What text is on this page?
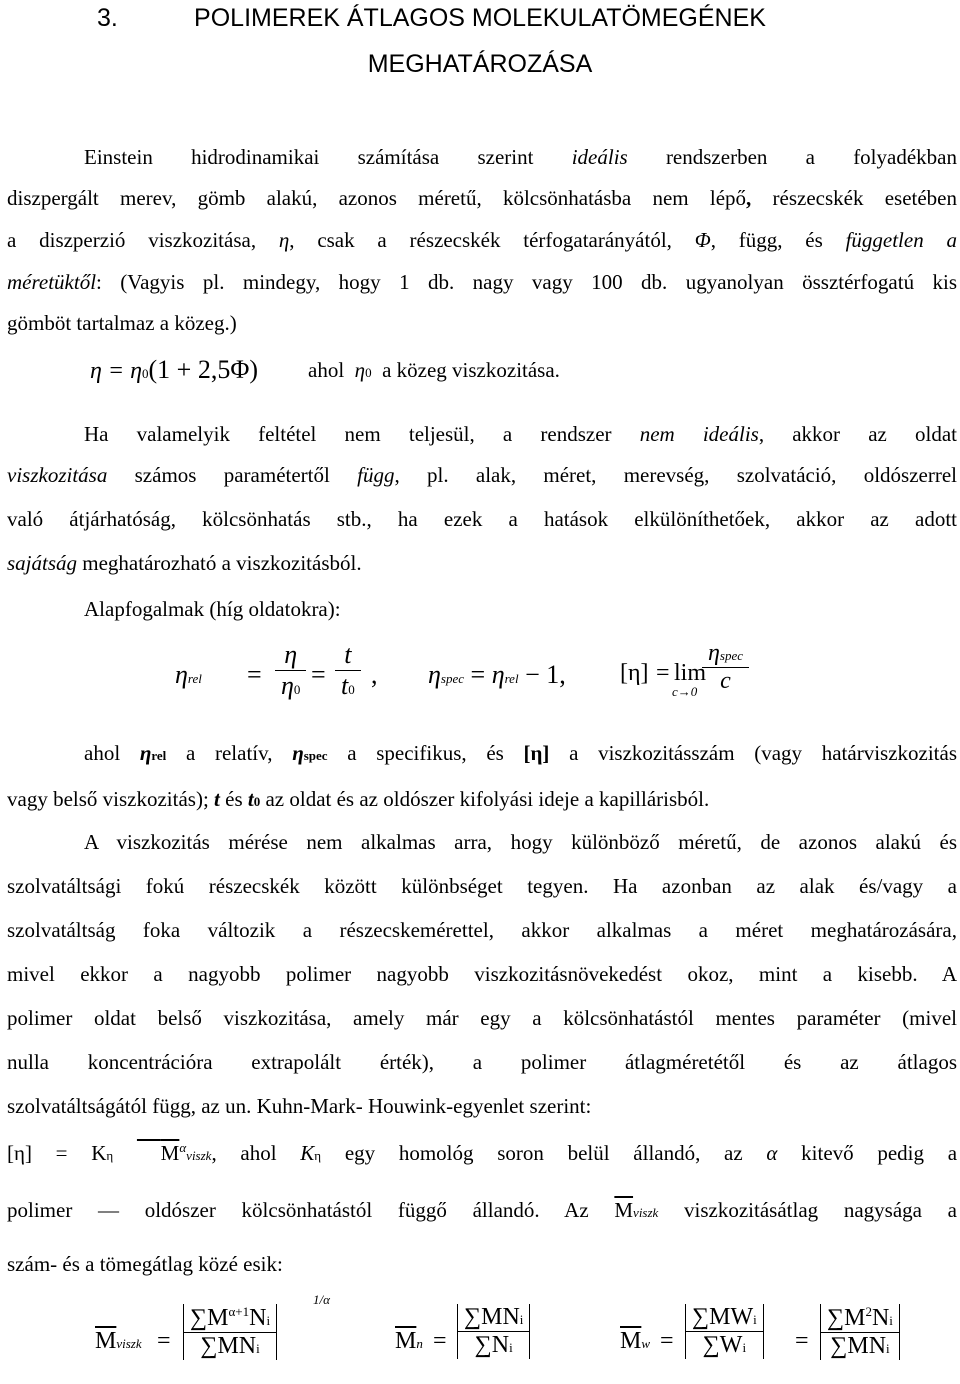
3.	POLIMEREK ÁTLAGOS MOLEKULATÖMEGÉNEK
MEGHATÁROZÁSA
Einstein hidrodinamikai számítása szerint ideális rendszerben a folyadékban
diszpergált merev, gömb alakú, azonos méretű, kölcsönhatásba nem lépő, részecskék esetében
a diszperzió viszkozitása, η, csak a részecskék térfogatarányától, Φ, függ, és független a
méretüktől: (Vagyis pl. mindegy, hogy 1 db. nagy vagy 100 db. ugyanolyan össztérfogatú kis
gömböt tartalmaz a közeg.)
η = η0(1 + 2,5Φ) ahol η0 a közeg viszkozitása.
Ha valamelyik feltétel nem teljesül, a rendszer nem ideális, akkor az oldat
viszkozitása számos paramétertől függ, pl. alak, méret, merevség, szolvatáció, oldószerrel
való átjárhatóság, kölcsönhatás stb., ha ezek a hatások elkülöníthetőek, akkor az adott
sajátság meghatározható a viszkozitásból.
Alapfogalmak (híg oldatokra):
$\eta rel = \frac{\eta}{\eta 0} = \frac{t}{t0}$ , ηspec = ηrel − 1, [η] = lim
c→0
ηspec
c
ahol ηrel a relatív, ηspec a specifikus, és [η] a viszkozitásszám (vagy határviszkozitás
vagy belső viszkozitás); t és t0 az oldat és az oldószer kifolyási ideje a kapillárisból.
A viszkozitás mérése nem alkalmas arra, hogy különböző méretű, de azonos alakú és
szolvatáltsági fokú részecskék között különbséget tegyen. Ha azonban az alak és/vagy a
szolvatáltság foka változik a részecskemérettel, akkor alkalmas a méret meghatározására,
mivel ekkor a nagyobb polimer nagyobb viszkozitásnövekedést okoz, mint a kisebb. A
polimer oldat belső viszkozitása, amely már egy a kölcsönhatástól mentes paraméter (mivel
nulla koncentrációra extrapolált érték), a polimer átlagméretétől és az átlagos
szolvatáltságától függ, az un. Kuhn-Mark- Houwink-egyenlet szerint:
[η] = Kη $M^\alpha viszk$, ahol Kη egy homológ soron belül állandó, az α kitevő pedig a
polimer — oldószer kölcsönhatástól függő állandó. Az $\overline{M}viszk$ viszkozitásátlag nagysága a
szám- és a tömegátlag közé esik:
$\overline{M}viszk$ =
$\sum M^{\alpha+1}Ni$
∑MNi
1/α
$\overline{M}n$ =
∑MNi
∑Ni	$\overline{M}w$ =
∑MWi
∑Wi	=
$\sum M^2Ni$
∑MNi
